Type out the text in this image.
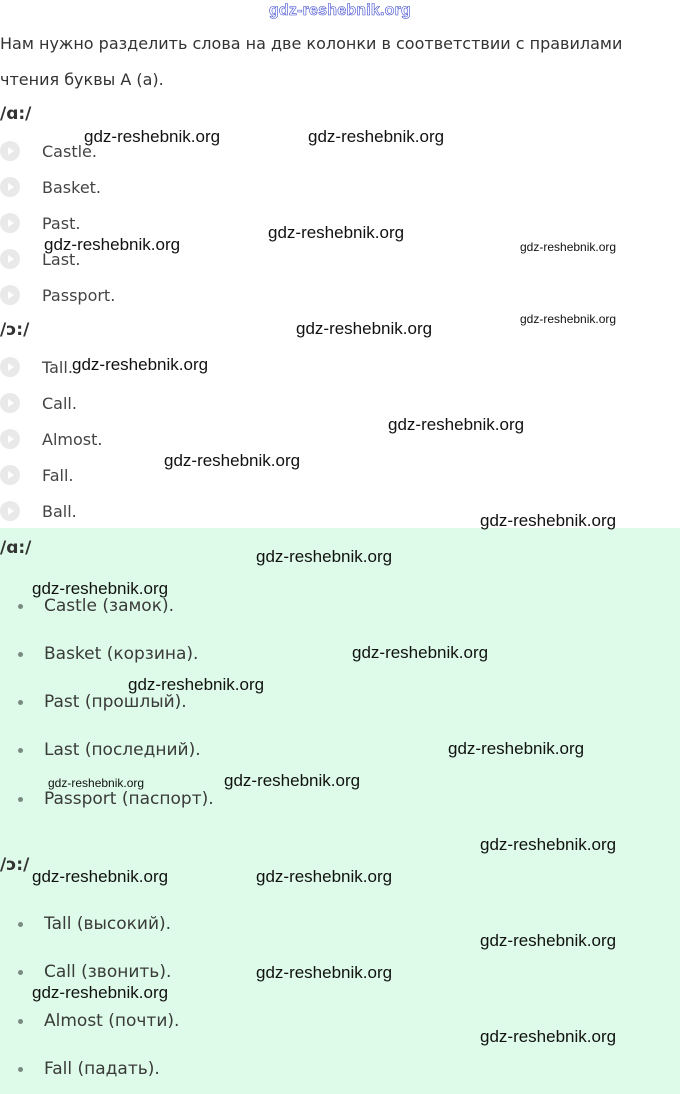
gdz-reshebnik.org
Нам нужно разделить слова на две колонки в соответствии с правилами чтения буквы A (a).
/ɑ:/
Castle.
Basket.
Past.
Last.
Passport.
/ɔ:/
Tall.
Call.
Almost.
Fall.
Ball.
/ɑ:/
Castle (замок).
Basket (корзина).
Past (прошлый).
Last (последний).
Passport (паспорт).
/ɔ:/
Tall (высокий).
Call (звонить).
Almost (почти).
Fall (падать).
gdz-reshebnik.org	gdz-reshebnik.org
gdz-reshebnik.org
gdz-reshebnik.org	gdz-reshebnik.org
gdz-reshebnik.org	gdz-reshebnik.org
gdz-reshebnik.org
gdz-reshebnik.org
gdz-reshebnik.org
gdz-reshebnik.org
gdz-reshebnik.org
gdz-reshebnik.org
gdz-reshebnik.org
gdz-reshebnik.org
gdz-reshebnik.org
gdz-reshebnik.org	gdz-reshebnik.org
gdz-reshebnik.org
gdz-reshebnik.org	gdz-reshebnik.org
gdz-reshebnik.org
gdz-reshebnik.org
gdz-reshebnik.org
gdz-reshebnik.org
